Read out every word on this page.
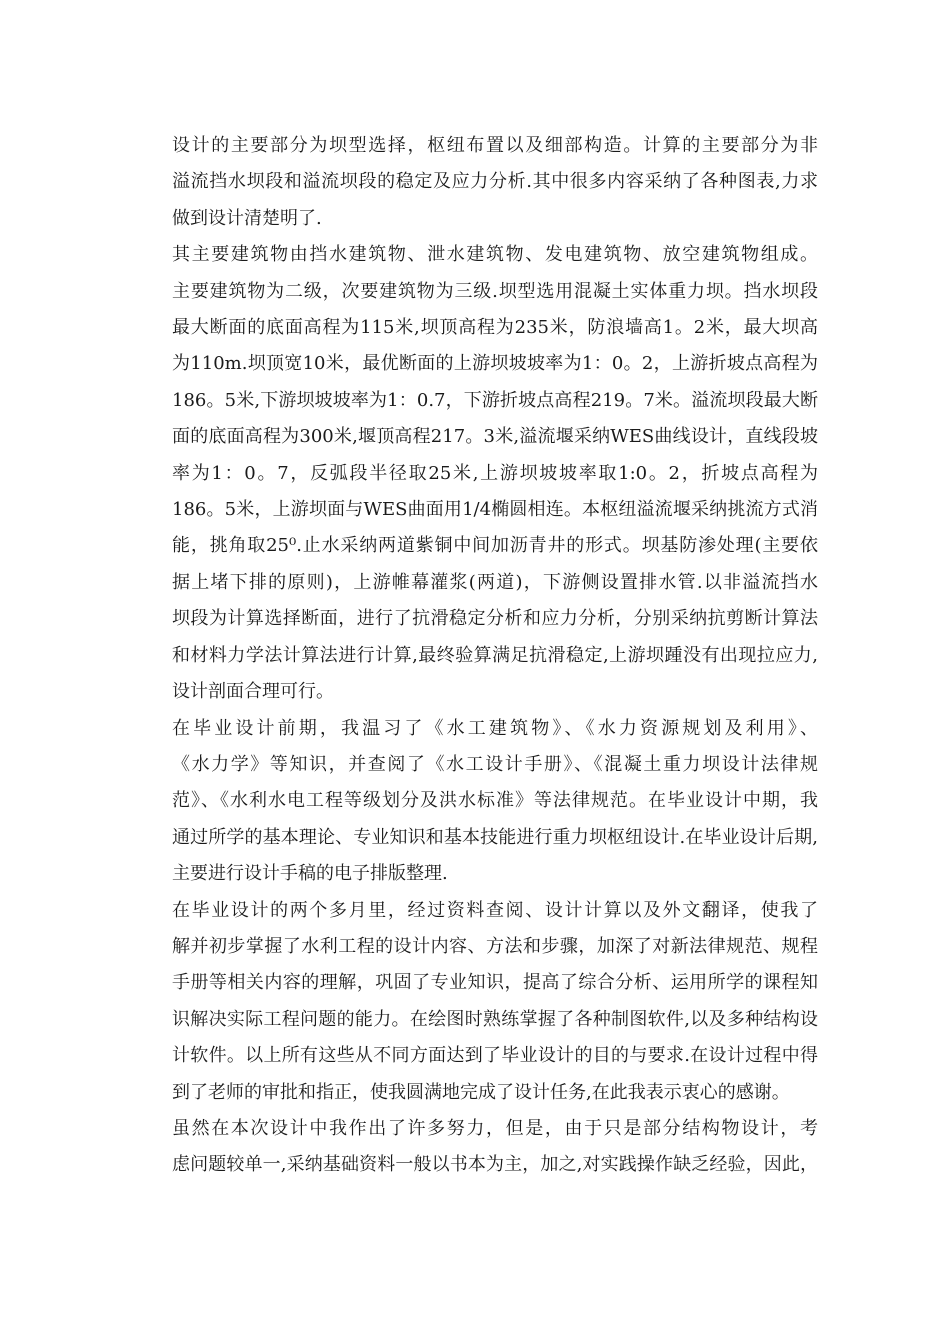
设计的主要部分为坝型选择，枢纽布置以及细部构造。计算的主要部分为非
溢流挡水坝段和溢流坝段的稳定及应力分析.其中很多内容采纳了各种图表,力求
做到设计清楚明了.

其主要建筑物由挡水建筑物、泄水建筑物、发电建筑物、放空建筑物组成。
主要建筑物为二级，次要建筑物为三级.坝型选用混凝土实体重力坝。挡水坝段
最大断面的底面高程为115米,坝顶高程为235米，防浪墙高1。2米，最大坝高
为110m.坝顶宽10米，最优断面的上游坝坡坡率为1：0。2，上游折坡点高程为
186。5米,下游坝坡坡率为1：0.7，下游折坡点高程219。7米。溢流坝段最大断
面的底面高程为300米,堰顶高程217。3米,溢流堰采纳WES曲线设计，直线段坡
率为1：0。7，反弧段半径取25米,上游坝坡坡率取1:0。2，折坡点高程为
186。5米，上游坝面与WES曲面用1/4椭圆相连。本枢纽溢流堰采纳挑流方式消
能，挑角取25⁰.止水采纳两道紫铜中间加沥青井的形式。坝基防渗处理(主要依
据上堵下排的原则)，上游帷幕灌浆(两道)，下游侧设置排水管.以非溢流挡水
坝段为计算选择断面，进行了抗滑稳定分析和应力分析，分别采纳抗剪断计算法
和材料力学法计算法进行计算,最终验算满足抗滑稳定,上游坝踵没有出现拉应力,
设计剖面合理可行。

在毕业设计前期，我温习了《水工建筑物》、《水力资源规划及利用》、
《水力学》等知识，并查阅了《水工设计手册》、《混凝土重力坝设计法律规
范》、《水利水电工程等级划分及洪水标准》等法律规范。在毕业设计中期，我
通过所学的基本理论、专业知识和基本技能进行重力坝枢纽设计.在毕业设计后期,
主要进行设计手稿的电子排版整理.

在毕业设计的两个多月里，经过资料查阅、设计计算以及外文翻译，使我了
解并初步掌握了水利工程的设计内容、方法和步骤，加深了对新法律规范、规程
手册等相关内容的理解，巩固了专业知识，提高了综合分析、运用所学的课程知
识解决实际工程问题的能力。在绘图时熟练掌握了各种制图软件,以及多种结构设
计软件。以上所有这些从不同方面达到了毕业设计的目的与要求.在设计过程中得
到了老师的审批和指正，使我圆满地完成了设计任务,在此我表示衷心的感谢。

虽然在本次设计中我作出了许多努力，但是，由于只是部分结构物设计，考
虑问题较单一,采纳基础资料一般以书本为主，加之,对实践操作缺乏经验，因此，
